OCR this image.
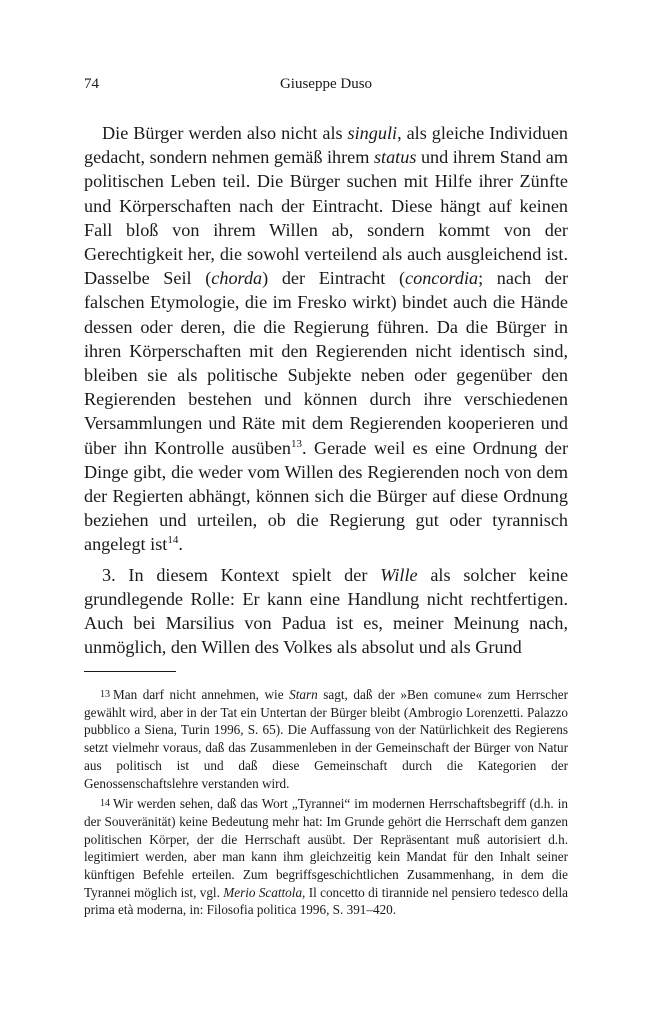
74	Giuseppe Duso

Die Bürger werden also nicht als singuli, als gleiche Individuen gedacht, sondern nehmen gemäß ihrem status und ihrem Stand am politischen Leben teil. Die Bürger suchen mit Hilfe ihrer Zünfte und Körperschaften nach der Eintracht. Diese hängt auf keinen Fall bloß von ihrem Willen ab, sondern kommt von der Gerechtigkeit her, die sowohl verteilend als auch ausgleichend ist. Dasselbe Seil (chorda) der Eintracht (concordia; nach der falschen Etymologie, die im Fresko wirkt) bindet auch die Hände dessen oder deren, die die Regierung führen. Da die Bürger in ihren Körperschaften mit den Regierenden nicht identisch sind, bleiben sie als politische Subjekte neben oder gegenüber den Regierenden bestehen und können durch ihre verschiedenen Versammlungen und Räte mit dem Regierenden kooperieren und über ihn Kontrolle ausüben$^{13}$. Gerade weil es eine Ordnung der Dinge gibt, die weder vom Willen des Regierenden noch von dem der Regierten abhängt, können sich die Bürger auf diese Ordnung beziehen und urteilen, ob die Regierung gut oder tyrannisch angelegt ist$^{14}$.

3. In diesem Kontext spielt der Wille als solcher keine grundlegende Rolle: Er kann eine Handlung nicht rechtfertigen. Auch bei Marsilius von Padua ist es, meiner Meinung nach, unmöglich, den Willen des Volkes als absolut und als Grund

13 Man darf nicht annehmen, wie Starn sagt, daß der »Ben comune« zum Herrscher gewählt wird, aber in der Tat ein Untertan der Bürger bleibt (Ambrogio Lorenzetti. Palazzo pubblico a Siena, Turin 1996, S. 65). Die Auffassung von der Natürlichkeit des Regierens setzt vielmehr voraus, daß das Zusammenleben in der Gemeinschaft der Bürger von Natur aus politisch ist und daß diese Gemeinschaft durch die Kategorien der Genossenschaftslehre verstanden wird.

14 Wir werden sehen, daß das Wort „Tyrannei“ im modernen Herrschaftsbegriff (d.h. in der Souveränität) keine Bedeutung mehr hat: Im Grunde gehört die Herrschaft dem ganzen politischen Körper, der die Herrschaft ausübt. Der Repräsentant muß autorisiert d.h. legitimiert werden, aber man kann ihm gleichzeitig kein Mandat für den Inhalt seiner künftigen Befehle erteilen. Zum begriffsgeschichtlichen Zusammenhang, in dem die Tyrannei möglich ist, vgl. Merio Scattola, Il concetto di tirannide nel pensiero tedesco della prima età moderna, in: Filosofia politica 1996, S. 391–420.
